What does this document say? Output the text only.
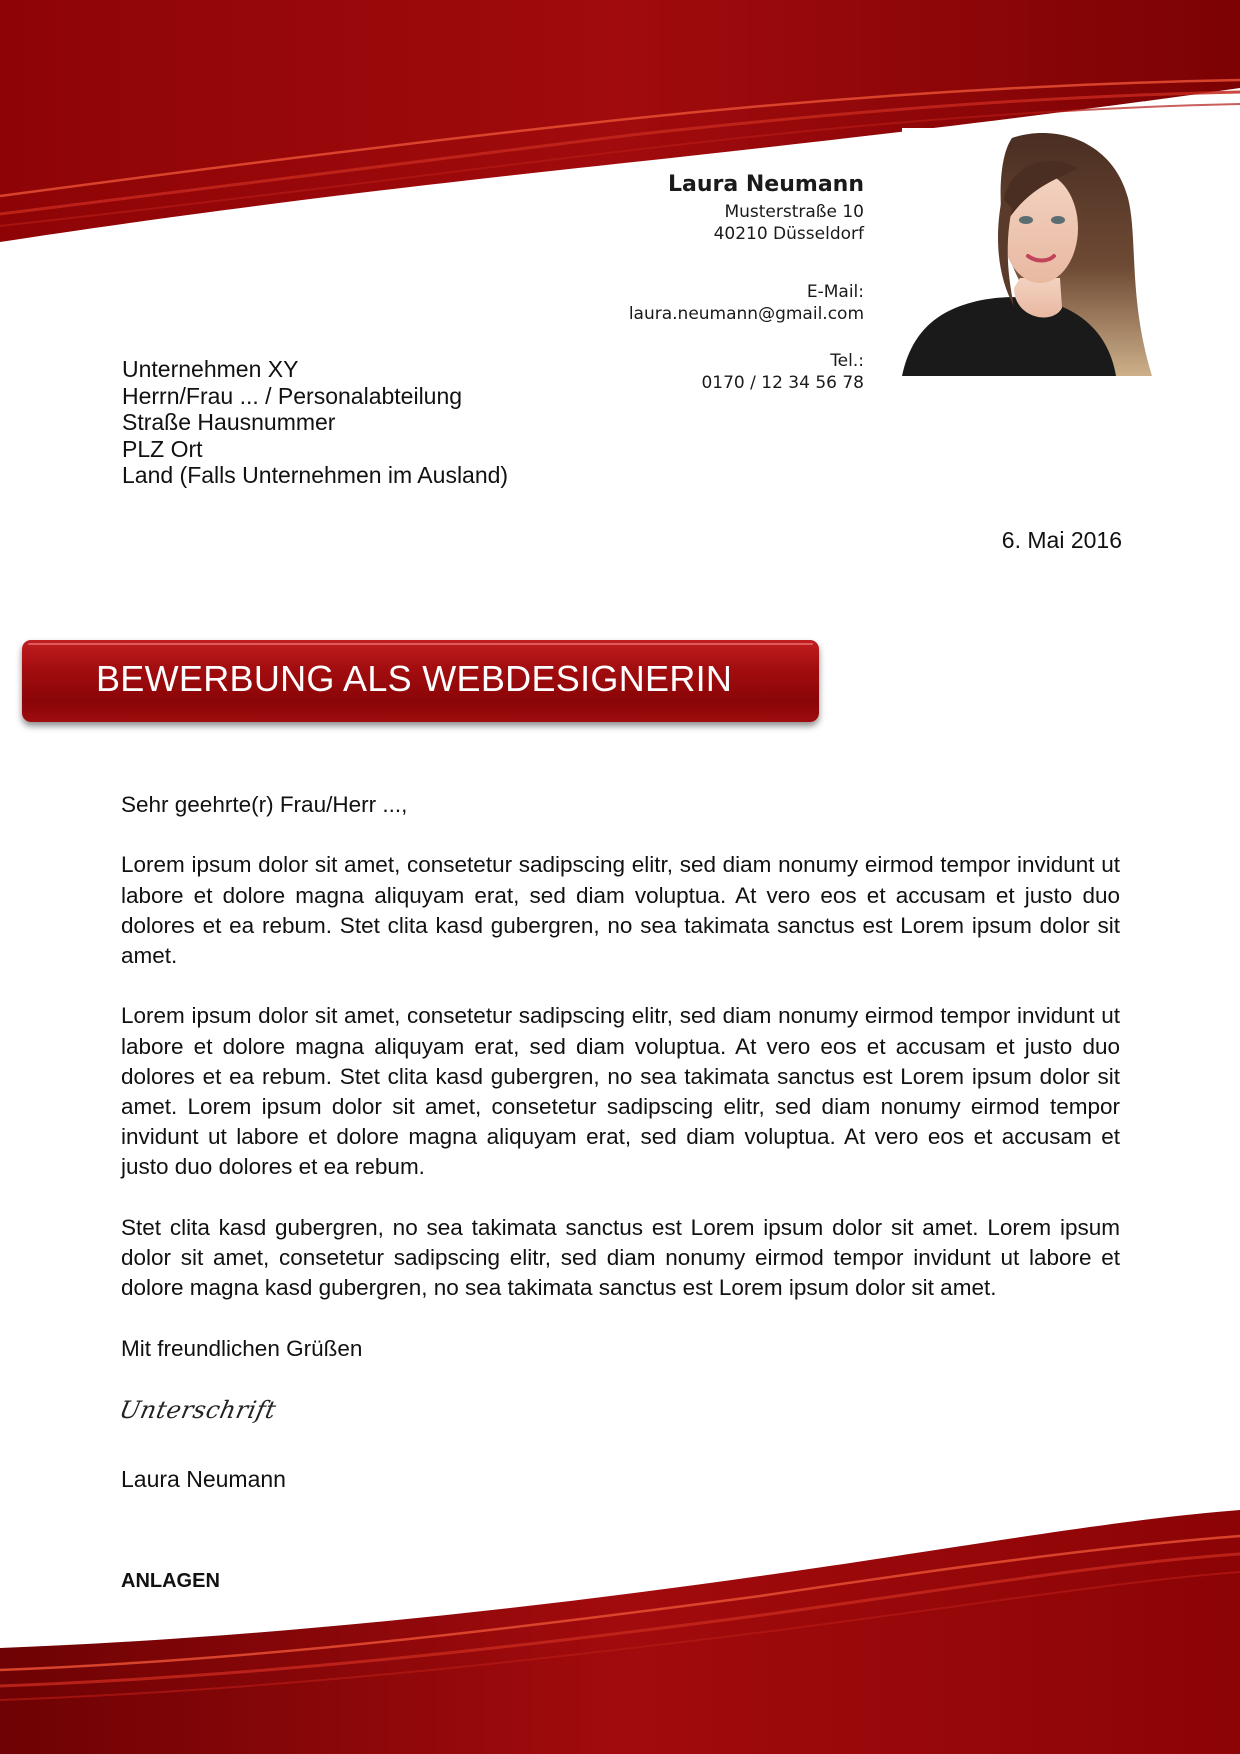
Laura Neumann
Musterstraße 10
40210 Düsseldorf
E-Mail:
laura.neumann@gmail.com
Tel.:
0170 / 12 34 56 78
Unternehmen XY
Herrn/Frau ... / Personalabteilung
Straße Hausnummer
PLZ Ort
Land (Falls Unternehmen im Ausland)
6. Mai 2016
BEWERBUNG ALS WEBDESIGNERIN

Sehr geehrte(r) Frau/Herr ...,

Lorem ipsum dolor sit amet, consetetur sadipscing elitr, sed diam nonumy eirmod tempor invidunt ut labore et dolore magna aliquyam erat, sed diam voluptua. At vero eos et accusam et justo duo dolores et ea rebum. Stet clita kasd gubergren, no sea takimata sanctus est Lorem ipsum dolor sit amet.

Lorem ipsum dolor sit amet, consetetur sadipscing elitr, sed diam nonumy eirmod tempor invidunt ut labore et dolore magna aliquyam erat, sed diam voluptua. At vero eos et accusam et justo duo dolores et ea rebum. Stet clita kasd gubergren, no sea takimata sanctus est Lorem ipsum dolor sit amet. Lorem ipsum dolor sit amet, consetetur sadipscing elitr, sed diam nonumy eirmod tempor invidunt ut labore et dolore magna aliquyam erat, sed diam voluptua. At vero eos et accusam et justo duo dolores et ea rebum.

Stet clita kasd gubergren, no sea takimata sanctus est Lorem ipsum dolor sit amet. Lorem ipsum dolor sit amet, consetetur sadipscing elitr, sed diam nonumy eirmod tempor invidunt ut labore et dolore magna kasd gubergren, no sea takimata sanctus est Lorem ipsum dolor sit amet.

Mit freundlichen Grüßen

Unterschrift
Laura Neumann
ANLAGEN
